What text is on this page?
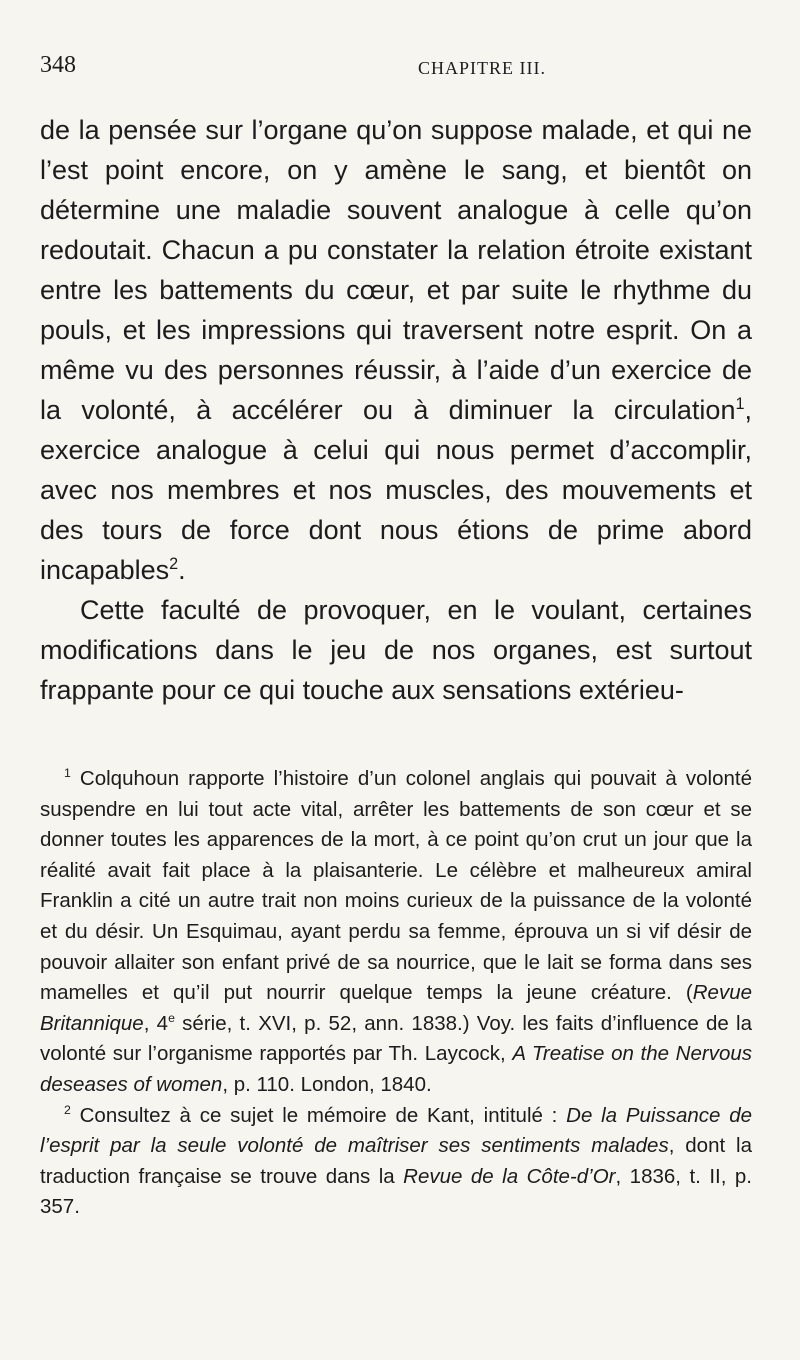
348	CHAPITRE III.

de la pensée sur l’organe qu’on suppose malade, et qui ne l’est point encore, on y amène le sang, et bientôt on détermine une maladie souvent analogue à celle qu’on redoutait. Chacun a pu constater la relation étroite existant entre les battements du cœur, et par suite le rhythme du pouls, et les impressions qui traversent notre esprit. On a même vu des personnes réussir, à l’aide d’un exercice de la volonté, à accélérer ou à diminuer la circulation$^1$, exercice analogue à celui qui nous permet d’accomplir, avec nos membres et nos muscles, des mouvements et des tours de force dont nous étions de prime abord incapables$^2$.

Cette faculté de provoquer, en le voulant, certaines modifications dans le jeu de nos organes, est surtout frappante pour ce qui touche aux sensations extérieu-

$^1$ Colquhoun rapporte l’histoire d’un colonel anglais qui pouvait à volonté suspendre en lui tout acte vital, arrêter les battements de son cœur et se donner toutes les apparences de la mort, à ce point qu’on crut un jour que la réalité avait fait place à la plaisanterie. Le célèbre et malheureux amiral Franklin a cité un autre trait non moins curieux de la puissance de la volonté et du désir. Un Esquimau, ayant perdu sa femme, éprouva un si vif désir de pouvoir allaiter son enfant privé de sa nourrice, que le lait se forma dans ses mamelles et qu’il put nourrir quelque temps la jeune créature. (Revue Britannique, 4e série, t. XVI, p. 52, ann. 1838.) Voy. les faits d’influence de la volonté sur l’organisme rapportés par Th. Laycock, A Treatise on the Nervous deseases of women, p. 110. London, 1840.

$^2$ Consultez à ce sujet le mémoire de Kant, intitulé : De la Puissance de l’esprit par la seule volonté de maîtriser ses sentiments malades, dont la traduction française se trouve dans la Revue de la Côte-d’Or, 1836, t. II, p. 357.
